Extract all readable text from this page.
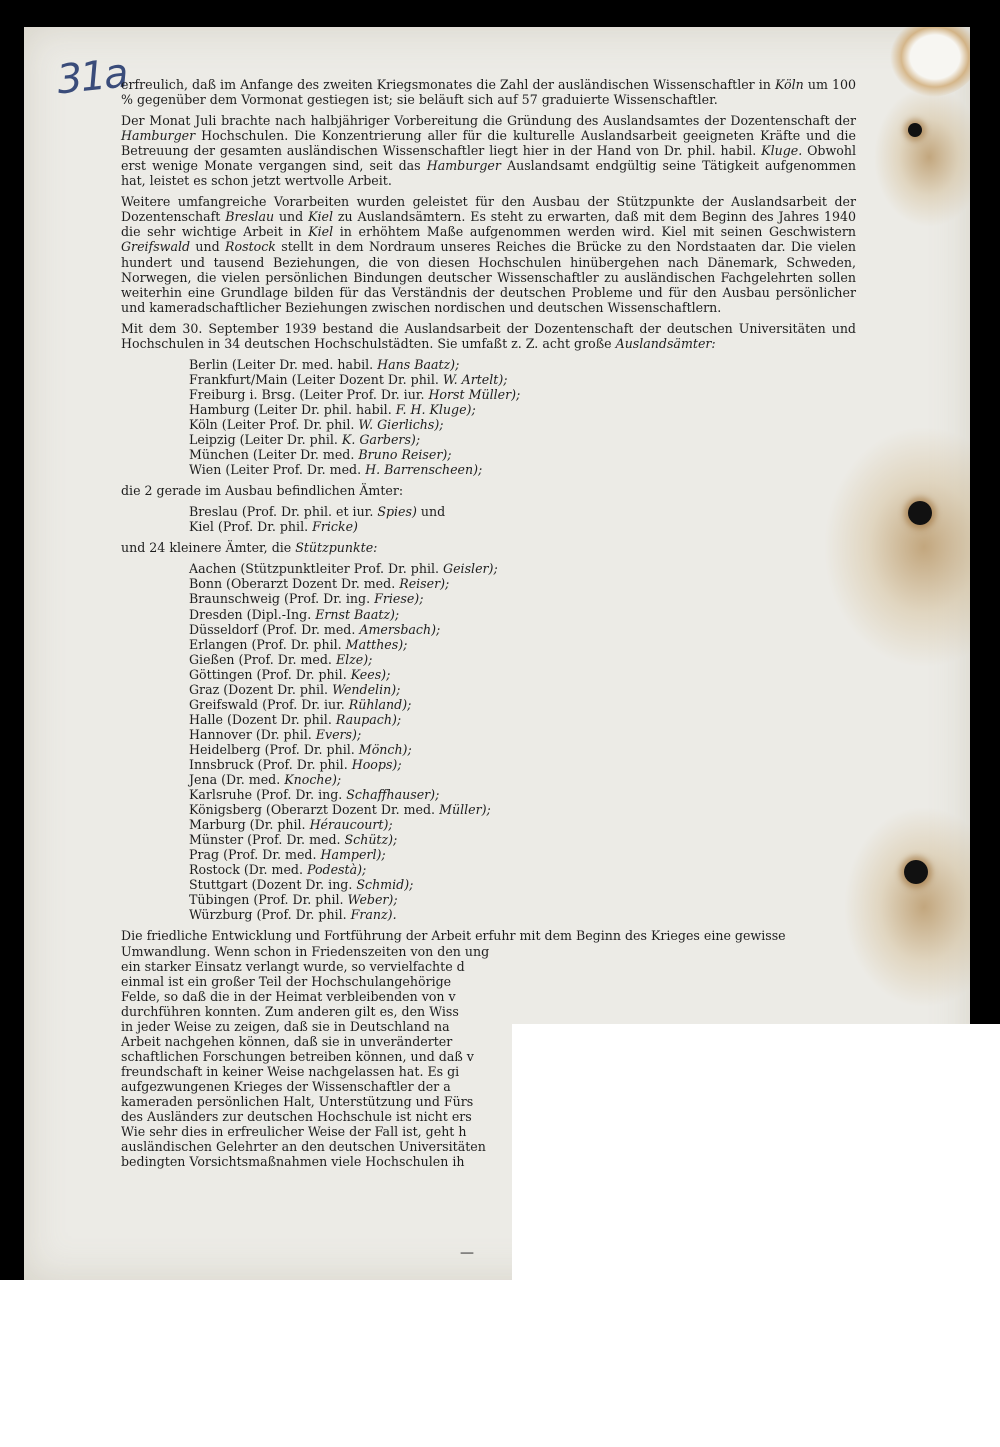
31a

erfreulich, daß im Anfange des zweiten Kriegsmonates die Zahl der ausländischen Wissenschaftler in Köln um 100 % gegenüber dem Vormonat gestiegen ist; sie beläuft sich auf 57 graduierte Wissenschaftler.

Der Monat Juli brachte nach halbjähriger Vorbereitung die Gründung des Auslandsamtes der Dozentenschaft der Hamburger Hochschulen. Die Konzentrierung aller für die kulturelle Auslandsarbeit geeigneten Kräfte und die Betreuung der gesamten ausländischen Wissenschaftler liegt hier in der Hand von Dr. phil. habil. Kluge. Obwohl erst wenige Monate vergangen sind, seit das Hamburger Auslandsamt endgültig seine Tätigkeit aufgenommen hat, leistet es schon jetzt wertvolle Arbeit.

Weitere umfangreiche Vorarbeiten wurden geleistet für den Ausbau der Stützpunkte der Auslandsarbeit der Dozentenschaft Breslau und Kiel zu Auslandsämtern. Es steht zu erwarten, daß mit dem Beginn des Jahres 1940 die sehr wichtige Arbeit in Kiel in erhöhtem Maße aufgenommen werden wird. Kiel mit seinen Geschwistern Greifswald und Rostock stellt in dem Nordraum unseres Reiches die Brücke zu den Nordstaaten dar. Die vielen hundert und tausend Beziehungen, die von diesen Hochschulen hinübergehen nach Dänemark, Schweden, Norwegen, die vielen persönlichen Bindungen deutscher Wissenschaftler zu ausländischen Fachgelehrten sollen weiterhin eine Grundlage bilden für das Verständnis der deutschen Probleme und für den Ausbau persönlicher und kameradschaftlicher Beziehungen zwischen nordischen und deutschen Wissenschaftlern.

Mit dem 30. September 1939 bestand die Auslandsarbeit der Dozentenschaft der deutschen Universitäten und Hochschulen in 34 deutschen Hochschulstädten. Sie umfaßt z. Z. acht große Auslandsämter:

Berlin (Leiter Dr. med. habil. Hans Baatz);
Frankfurt/Main (Leiter Dozent Dr. phil. W. Artelt);
Freiburg i. Brsg. (Leiter Prof. Dr. iur. Horst Müller);
Hamburg (Leiter Dr. phil. habil. F. H. Kluge);
Köln (Leiter Prof. Dr. phil. W. Gierlichs);
Leipzig (Leiter Dr. phil. K. Garbers);
München (Leiter Dr. med. Bruno Reiser);
Wien (Leiter Prof. Dr. med. H. Barrenscheen);

die 2 gerade im Ausbau befindlichen Ämter:

Breslau (Prof. Dr. phil. et iur. Spies) und
Kiel (Prof. Dr. phil. Fricke)

und 24 kleinere Ämter, die Stützpunkte:

Aachen (Stützpunktleiter Prof. Dr. phil. Geisler);
Bonn (Oberarzt Dozent Dr. med. Reiser);
Braunschweig (Prof. Dr. ing. Friese);
Dresden (Dipl.-Ing. Ernst Baatz);
Düsseldorf (Prof. Dr. med. Amersbach);
Erlangen (Prof. Dr. phil. Matthes);
Gießen (Prof. Dr. med. Elze);
Göttingen (Prof. Dr. phil. Kees);
Graz (Dozent Dr. phil. Wendelin);
Greifswald (Prof. Dr. iur. Rühland);
Halle (Dozent Dr. phil. Raupach);
Hannover (Dr. phil. Evers);
Heidelberg (Prof. Dr. phil. Mönch);
Innsbruck (Prof. Dr. phil. Hoops);
Jena (Dr. med. Knoche);
Karlsruhe (Prof. Dr. ing. Schaffhauser);
Königsberg (Oberarzt Dozent Dr. med. Müller);
Marburg (Dr. phil. Héraucourt);
Münster (Prof. Dr. med. Schütz);
Prag (Prof. Dr. med. Hamperl);
Rostock (Dr. med. Podestà);
Stuttgart (Dozent Dr. ing. Schmid);
Tübingen (Prof. Dr. phil. Weber);
Würzburg (Prof. Dr. phil. Franz).

Die friedliche Entwicklung und Fortführung der Arbeit erfuhr mit dem Beginn des Krieges eine gewisse Umwandlung. Wenn schon in Friedenszeiten von den ung
ein starker Einsatz verlangt wurde, so vervielfachte d
einmal ist ein großer Teil der Hochschulangehörige
Felde, so daß die in der Heimat verbleibenden von v
durchführen konnten. Zum anderen gilt es, den Wiss
in jeder Weise zu zeigen, daß sie in Deutschland na
Arbeit nachgehen können, daß sie in unveränderter
schaftlichen Forschungen betreiben können, und daß v
freundschaft in keiner Weise nachgelassen hat. Es gi
aufgezwungenen Krieges der Wissenschaftler der a
kameraden persönlichen Halt, Unterstützung und Fürs
des Ausländers zur deutschen Hochschule ist nicht ers
Wie sehr dies in erfreulicher Weise der Fall ist, geht h
ausländischen Gelehrter an den deutschen Universitäten
bedingten Vorsichtsmaßnahmen viele Hochschulen ih

—
